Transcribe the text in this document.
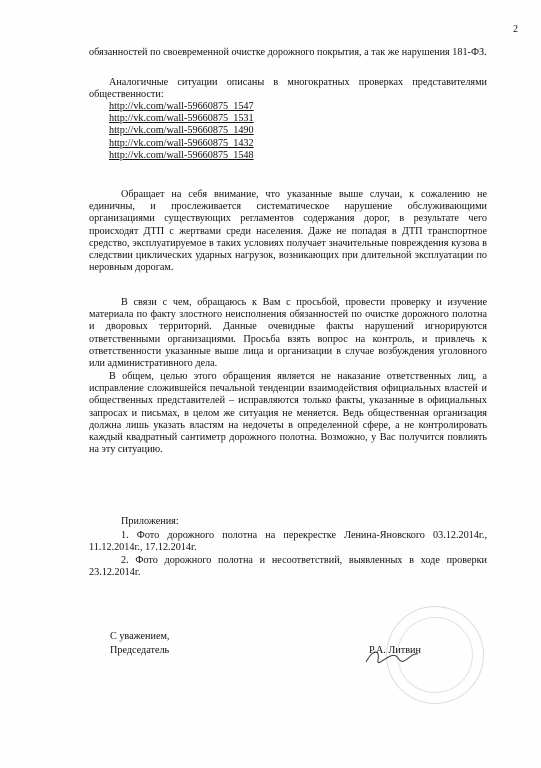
2

обязанностей по своевременной очистке дорожного покрытия, а так же нарушения 181-ФЗ.

Аналогичные ситуации описаны в многократных проверках представителями общественности:

http://vk.com/wall-59660875_1547
http://vk.com/wall-59660875_1531
http://vk.com/wall-59660875_1490
http://vk.com/wall-59660875_1432
http://vk.com/wall-59660875_1548

Обращает на себя внимание, что указанные выше случаи, к сожалению не единичны, и прослеживается систематическое нарушение обслуживающими организациями существующих регламентов содержания дорог, в результате чего происходят ДТП с жертвами среди населения. Даже не попадая в ДТП транспортное средство, эксплуатируемое в таких условиях получает значительные повреждения кузова в следствии циклических ударных нагрузок, возникающих при длительной эксплуатации по неровным дорогам.

В связи с чем, обращаюсь к Вам с просьбой, провести проверку и изучение материала по факту злостного неисполнения обязанностей по очистке дорожного полотна и дворовых территорий. Данные очевидные факты нарушений игнорируются ответственными организациями. Просьба взять вопрос на контроль, и привлечь к ответственности указанные выше лица и организации в случае возбуждения уголовного или административного дела.

В общем, целью этого обращения является не наказание ответственных лиц, а исправление сложившейся печальной тенденции взаимодействия официальных властей и общественных представителей – исправляются только факты, указанные в официальных запросах и письмах, в целом же ситуация не меняется. Ведь общественная организация должна лишь указать властям на недочеты в определенной сфере, а не контролировать каждый квадратный сантиметр дорожного полотна. Возможно, у Вас получится повлиять на эту ситуацию.

Приложения:

1. Фото дорожного полотна на перекрестке Ленина-Яновского 03.12.2014г., 11.12.2014г., 17.12.2014г.

2. Фото дорожного полотна и несоответствий, выявленных в ходе проверки 23.12.2014г.

С уважением,
Председатель	Р.А. Литвин
